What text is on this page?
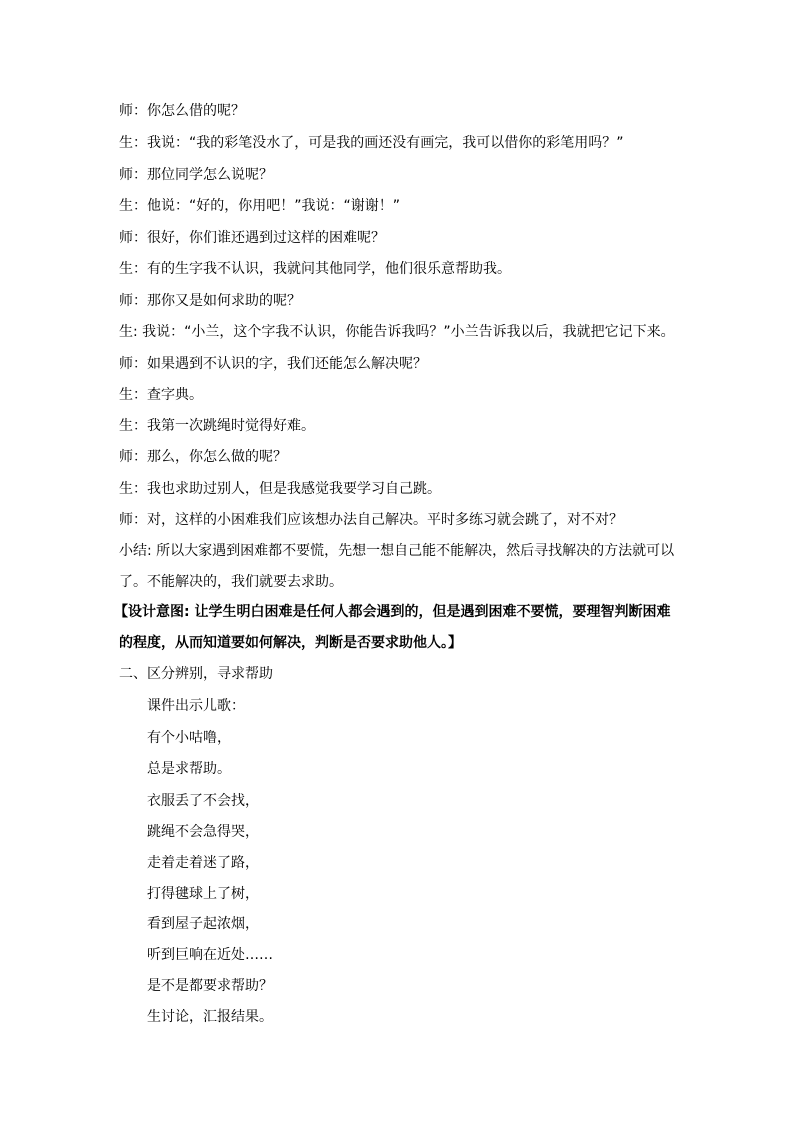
师：你怎么借的呢？
生：我说：“我的彩笔没水了，可是我的画还没有画完，我可以借你的彩笔用吗？”
师：那位同学怎么说呢？
生：他说：“好的，你用吧！”我说：“谢谢！”
师：很好，你们谁还遇到过这样的困难呢？
生：有的生字我不认识，我就问其他同学，他们很乐意帮助我。
师：那你又是如何求助的呢？
生: 我说：“小兰，这个字我不认识，你能告诉我吗？”小兰告诉我以后，我就把它记下来。
师：如果遇到不认识的字，我们还能怎么解决呢？
生：查字典。
生：我第一次跳绳时觉得好难。
师：那么，你怎么做的呢？
生：我也求助过别人，但是我感觉我要学习自己跳。
师：对，这样的小困难我们应该想办法自己解决。平时多练习就会跳了，对不对？
小结: 所以大家遇到困难都不要慌，先想一想自己能不能解决，然后寻找解决的方法就可以
了。不能解决的，我们就要去求助。
【设计意图: 让学生明白困难是任何人都会遇到的，但是遇到困难不要慌，要理智判断困难
的程度，从而知道要如何解决，判断是否要求助他人。】
二、区分辨别，寻求帮助
课件出示儿歌：
有个小咕噜，
总是求帮助。
衣服丢了不会找，
跳绳不会急得哭，
走着走着迷了路，
打得毽球上了树，
看到屋子起浓烟，
听到巨响在近处……
是不是都要求帮助？
生讨论，汇报结果。
